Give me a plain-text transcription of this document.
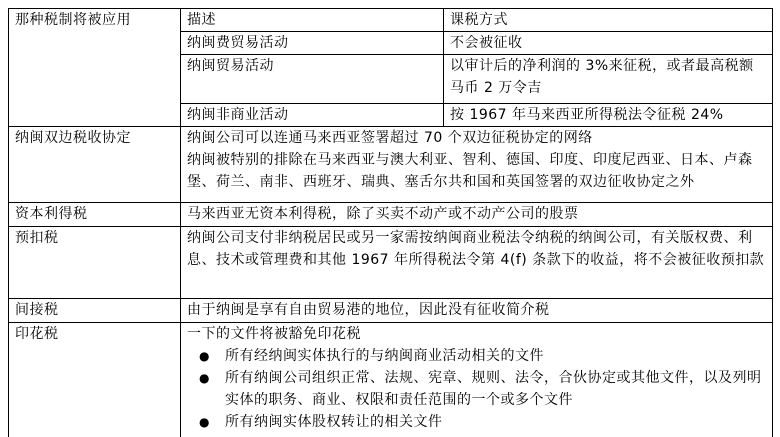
那种税制将被应用	描述	课税方式
	纳闽费贸易活动	不会被征收
	纳闽贸易活动	以审计后的净利润的 3%来征税，或者最高税额马币 2 万令吉
	纳闽非商业活动	按 1967 年马来西亚所得税法令征税 24%
纳闽双边税收协定	纳闽公司可以连通马来西亚签署超过 70 个双边征税协定的网络
纳闽被特别的排除在马来西亚与澳大利亚、智利、德国、印度、印度尼西亚、日本、卢森堡、荷兰、南非、西班牙、瑞典、塞舌尔共和国和英国签署的双边征收协定之外	

资本利得税	马来西亚无资本利得税，除了买卖不动产或不动产公司的股票	
预扣税	纳闽公司支付非纳税居民或另一家需按纳闽商业税法令纳税的纳闽公司，有关版权费、利息、技术或管理费和其他 1967 年所得税法令第 4(f) 条款下的收益，将不会被征收预扣款	
间接税	由于纳闽是享有自由贸易港的地位，因此没有征收简介税	
印花税	一下的文件将被豁免印花税
●	所有经纳闽实体执行的与纳闽商业活动相关的文件
●	所有纳闽公司组织正常、法规、宪章、规则、法令，合伙协定或其他文件，以及列明实体的职务、商业、权限和责任范围的一个或多个文件
●	所有纳闽实体股权转让的相关文件
